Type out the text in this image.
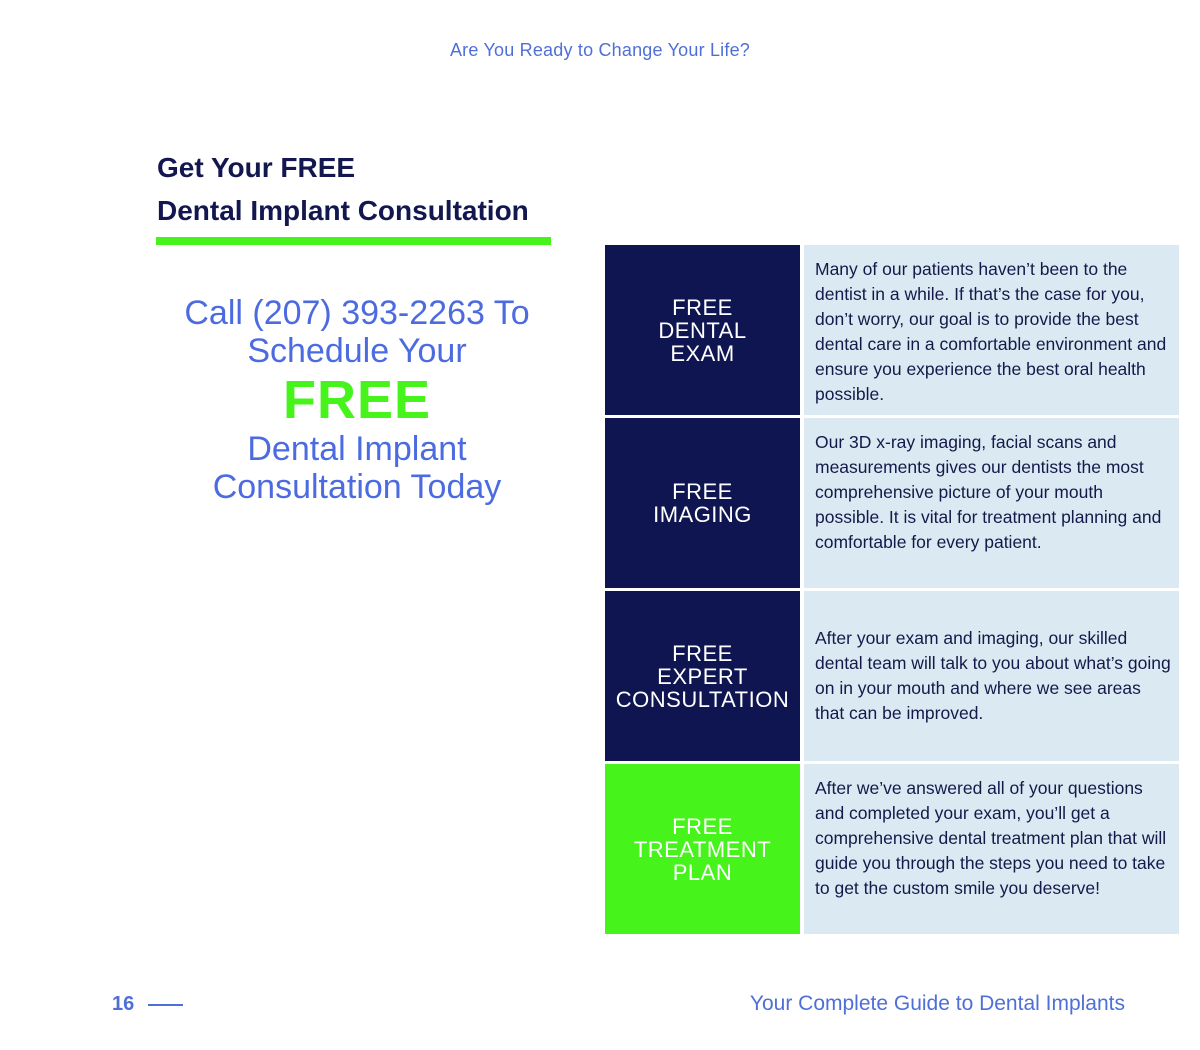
Are You Ready to Change Your Life?
Get Your FREE
Dental Implant Consultation
Call (207) 393-2263 To
Schedule Your
FREE
Dental Implant
Consultation Today
FREE
DENTAL
EXAM
Many of our patients haven’t been to the dentist in a while. If that’s the case for you, don’t worry, our goal is to provide the best dental care in a comfortable environment and ensure you experience the best oral health possible.
FREE
IMAGING
Our 3D x-ray imaging, facial scans and measurements gives our dentists the most comprehensive picture of your mouth possible. It is vital for treatment planning and comfortable for every patient.
FREE
EXPERT
CONSULTATION
After your exam and imaging, our skilled dental team will talk to you about what’s going on in your mouth and where we see areas that can be improved.
FREE
TREATMENT
PLAN
After we’ve answered all of your questions and completed your exam, you’ll get a comprehensive dental treatment plan that will guide you through the steps you need to take to get the custom smile you deserve!
16	Your Complete Guide to Dental Implants
